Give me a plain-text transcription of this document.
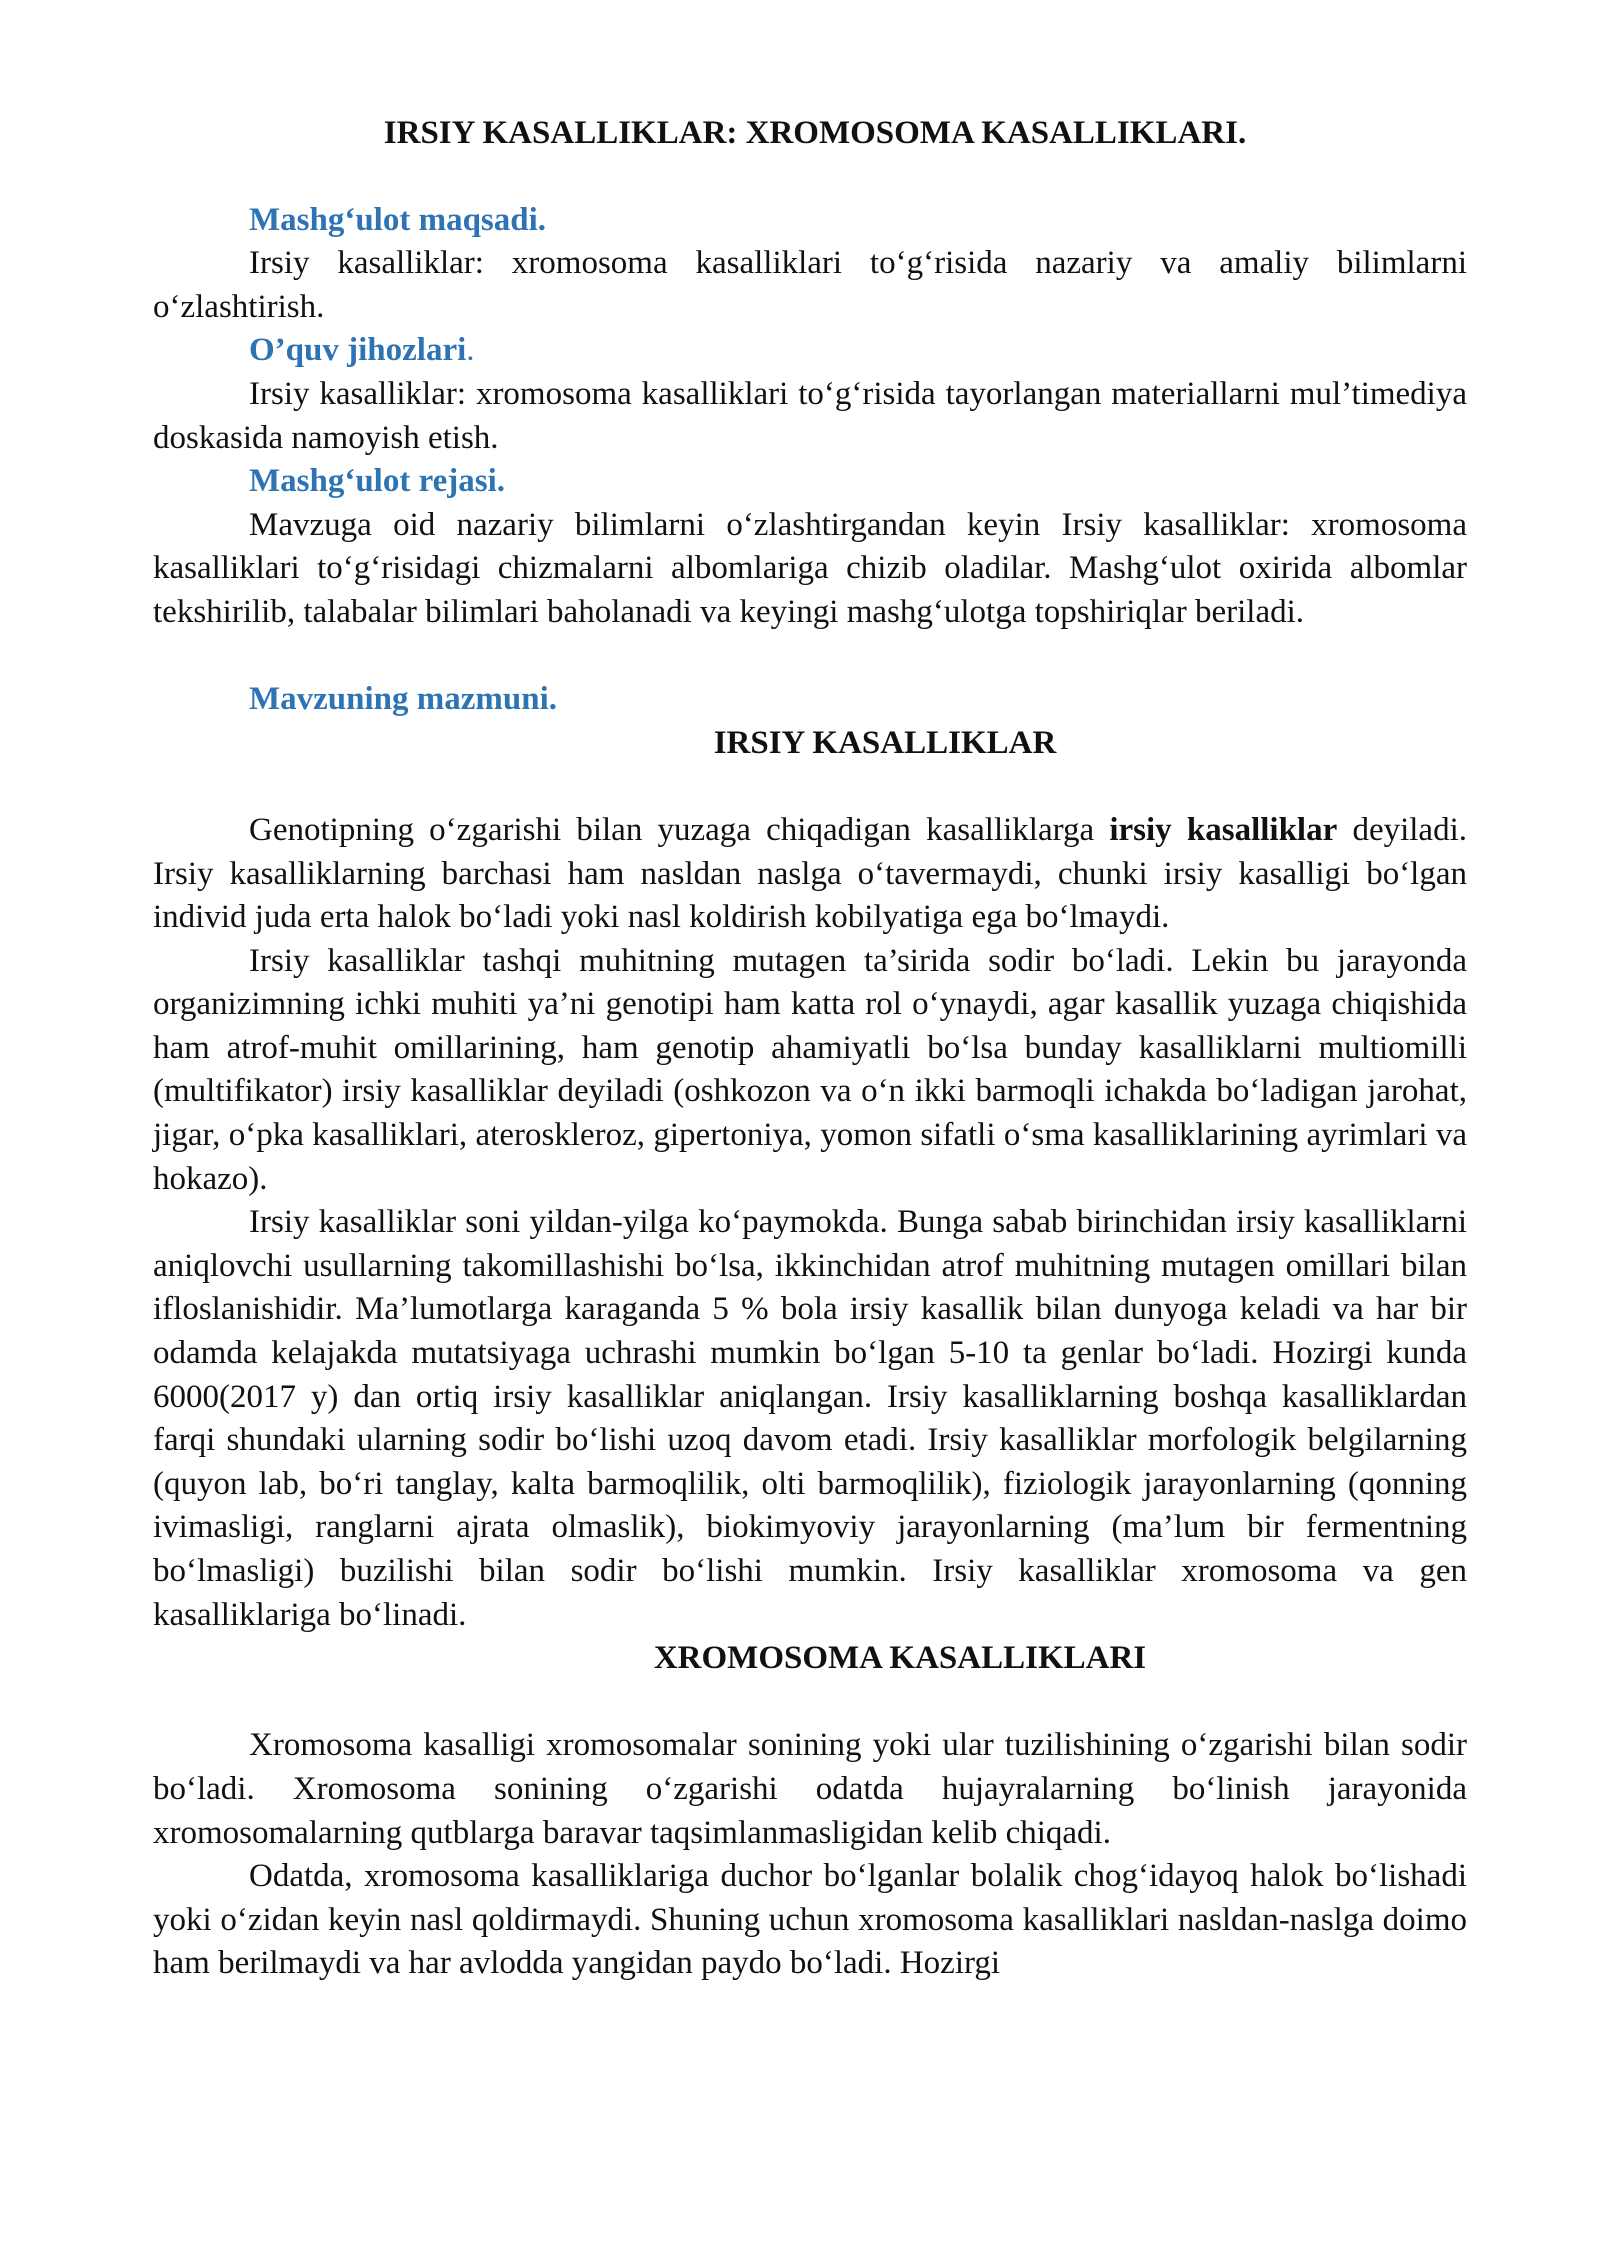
IRSIY KASALLIKLAR: XROMOSOMA KASALLIKLARI.
Mashg‘ulot maqsadi.

Irsiy kasalliklar: xromosoma kasalliklari to‘g‘risida nazariy va amaliy bilimlarni o‘zlashtirish.

O’quv jihozlari.

Irsiy kasalliklar: xromosoma kasalliklari to‘g‘risida tayorlangan materiallarni mul’timediya doskasida namoyish etish.

Mashg‘ulot rejasi.

Mavzuga oid nazariy bilimlarni o‘zlashtirgandan keyin Irsiy kasalliklar: xromosoma kasalliklari to‘g‘risidagi chizmalarni albomlariga chizib oladilar. Mashg‘ulot oxirida albomlar tekshirilib, talabalar bilimlari baholanadi va keyingi mashg‘ulotga topshiriqlar beriladi.

Mavzuning mazmuni.
IRSIY KASALLIKLAR

Genotipning o‘zgarishi bilan yuzaga chiqadigan kasalliklarga irsiy kasalliklar deyiladi. Irsiy kasalliklarning barchasi ham nasldan naslga o‘tavermaydi, chunki irsiy kasalligi bo‘lgan individ juda erta halok bo‘ladi yoki nasl koldirish kobilyatiga ega bo‘lmaydi.

Irsiy kasalliklar tashqi muhitning mutagen ta’sirida sodir bo‘ladi. Lekin bu jarayonda organizimning ichki muhiti ya’ni genotipi ham katta rol o‘ynaydi, agar kasallik yuzaga chiqishida ham atrof-muhit omillarining, ham genotip ahamiyatli bo‘lsa bunday kasalliklarni multiomilli (multifikator) irsiy kasalliklar deyiladi (oshkozon va o‘n ikki barmoqli ichakda bo‘ladigan jarohat, jigar, o‘pka kasalliklari, ateroskleroz, gipertoniya, yomon sifatli o‘sma kasalliklarining ayrimlari va hokazo).

Irsiy kasalliklar soni yildan-yilga ko‘paymokda. Bunga sabab birinchidan irsiy kasalliklarni aniqlovchi usullarning takomillashishi bo‘lsa, ikkinchidan atrof muhitning mutagen omillari bilan ifloslanishidir. Ma’lumotlarga karaganda 5 % bola irsiy kasallik bilan dunyoga keladi va har bir odamda kelajakda mutatsiyaga uchrashi mumkin bo‘lgan 5-10 ta genlar bo‘ladi. Hozirgi kunda 6000(2017 y) dan ortiq irsiy kasalliklar aniqlangan. Irsiy kasalliklarning boshqa kasalliklardan farqi shundaki ularning sodir bo‘lishi uzoq davom etadi. Irsiy kasalliklar morfologik belgilarning (quyon lab, bo‘ri tanglay, kalta barmoqlilik, olti barmoqlilik), fiziologik jarayonlarning (qonning ivimasligi, ranglarni ajrata olmaslik), biokimyoviy jarayonlarning (ma’lum bir fermentning bo‘lmasligi) buzilishi bilan sodir bo‘lishi mumkin. Irsiy kasalliklar xromosoma va gen kasalliklariga bo‘linadi.

XROMOSOMA KASALLIKLARI

Xromosoma kasalligi xromosomalar sonining yoki ular tuzilishining o‘zgarishi bilan sodir bo‘ladi. Xromosoma sonining o‘zgarishi odatda hujayralarning bo‘linish jarayonida xromosomalarning qutblarga baravar taqsimlanmasligidan kelib chiqadi.

Odatda, xromosoma kasalliklariga duchor bo‘lganlar bolalik chog‘idayoq halok bo‘lishadi yoki o‘zidan keyin nasl qoldirmaydi. Shuning uchun xromosoma kasalliklari nasldan-naslga doimo ham berilmaydi va har avlodda yangidan paydo bo‘ladi. Hozirgi
